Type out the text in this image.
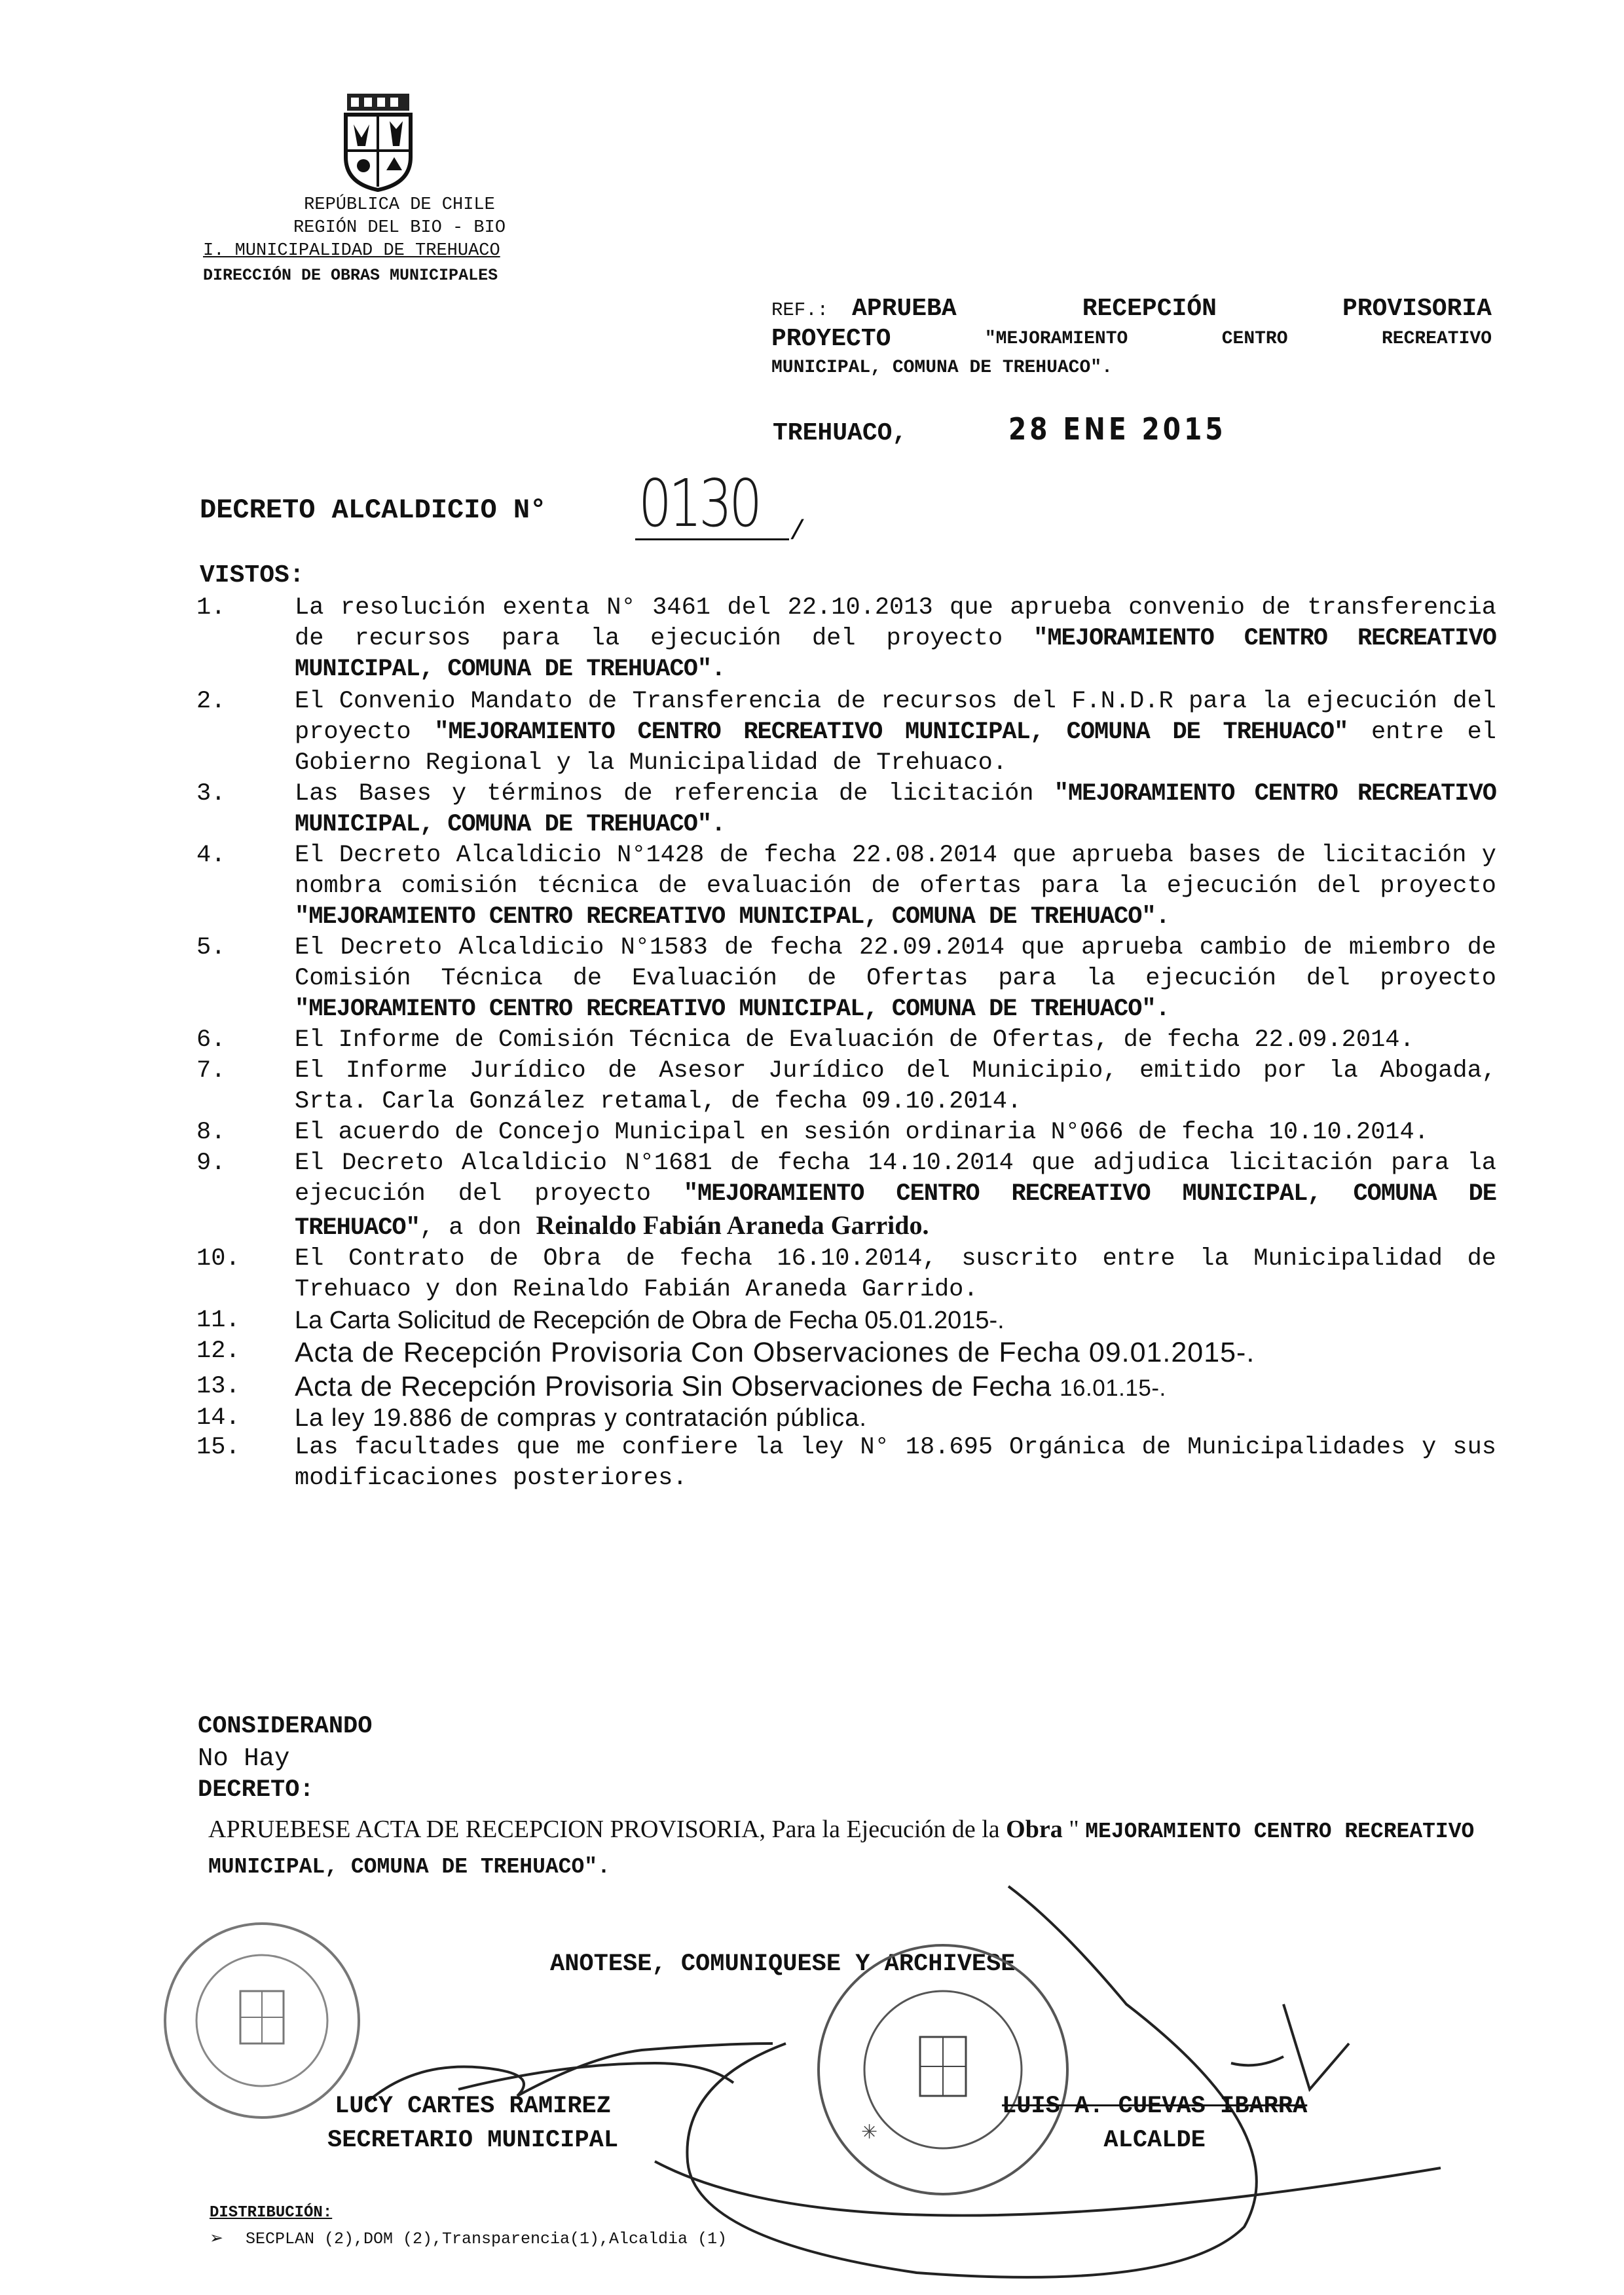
REPÚBLICA DE CHILE
REGIÓN DEL BIO - BIO
I. MUNICIPALIDAD DE TREHUACO
DIRECCIÓN DE OBRAS MUNICIPALES
REF.: APRUEBA	RECEPCIÓN	PROVISORIA
PROYECTO	"MEJORAMIENTO	CENTRO	RECREATIVO
MUNICIPAL, COMUNA DE TREHUACO".
TREHUACO,	28 ENE 2015
DECRETO ALCALDICIO N° 0130 /
VISTOS:
1.	La resolución exenta N° 3461 del 22.10.2013 que aprueba convenio de transferencia de recursos para la ejecución del proyecto "MEJORAMIENTO CENTRO RECREATIVO MUNICIPAL, COMUNA DE TREHUACO".
2.	El Convenio Mandato de Transferencia de recursos del F.N.D.R para la ejecución del proyecto "MEJORAMIENTO CENTRO RECREATIVO MUNICIPAL, COMUNA DE TREHUACO" entre el Gobierno Regional y la Municipalidad de Trehuaco.
3.	Las Bases y términos de referencia de licitación "MEJORAMIENTO CENTRO RECREATIVO MUNICIPAL, COMUNA DE TREHUACO".
4.	El Decreto Alcaldicio N°1428 de fecha 22.08.2014 que aprueba bases de licitación y nombra comisión técnica de evaluación de ofertas para la ejecución del proyecto "MEJORAMIENTO CENTRO RECREATIVO MUNICIPAL, COMUNA DE TREHUACO".
5.	El Decreto Alcaldicio N°1583 de fecha 22.09.2014 que aprueba cambio de miembro de Comisión Técnica de Evaluación de Ofertas para la ejecución del proyecto "MEJORAMIENTO CENTRO RECREATIVO MUNICIPAL, COMUNA DE TREHUACO".
6.	El Informe de Comisión Técnica de Evaluación de Ofertas, de fecha 22.09.2014.
7.	El Informe Jurídico de Asesor Jurídico del Municipio, emitido por la Abogada, Srta. Carla González retamal, de fecha 09.10.2014.
8.	El acuerdo de Concejo Municipal en sesión ordinaria N°066 de fecha 10.10.2014.
9.	El Decreto Alcaldicio N°1681 de fecha 14.10.2014 que adjudica licitación para la ejecución del proyecto "MEJORAMIENTO CENTRO RECREATIVO MUNICIPAL, COMUNA DE TREHUACO", a don Reinaldo Fabián Araneda Garrido.
10.	El Contrato de Obra de fecha 16.10.2014, suscrito entre la Municipalidad de Trehuaco y don Reinaldo Fabián Araneda Garrido.
11.	La Carta Solicitud de Recepción de Obra de Fecha 05.01.2015-.
12.	Acta de Recepción Provisoria Con Observaciones de Fecha 09.01.2015-.
13.	Acta de Recepción Provisoria Sin Observaciones de Fecha 16.01.15-.
14.	La ley 19.886 de compras y contratación pública.
15.	Las facultades que me confiere la ley N° 18.695 Orgánica de Municipalidades y sus modificaciones posteriores.
CONSIDERANDO
No Hay
DECRETO:
APRUEBESE ACTA DE RECEPCION PROVISORIA, Para la Ejecución de la Obra " MEJORAMIENTO CENTRO RECREATIVO MUNICIPAL, COMUNA DE TREHUACO".
ANOTESE, COMUNIQUESE Y ARCHIVESE
✳
LUCY CARTES RAMIREZ
SECRETARIO MUNICIPAL
LUIS A. CUEVAS IBARRA
ALCALDE
DISTRIBUCIÓN:
➢ SECPLAN (2),DOM (2),Transparencia(1),Alcaldia (1)
